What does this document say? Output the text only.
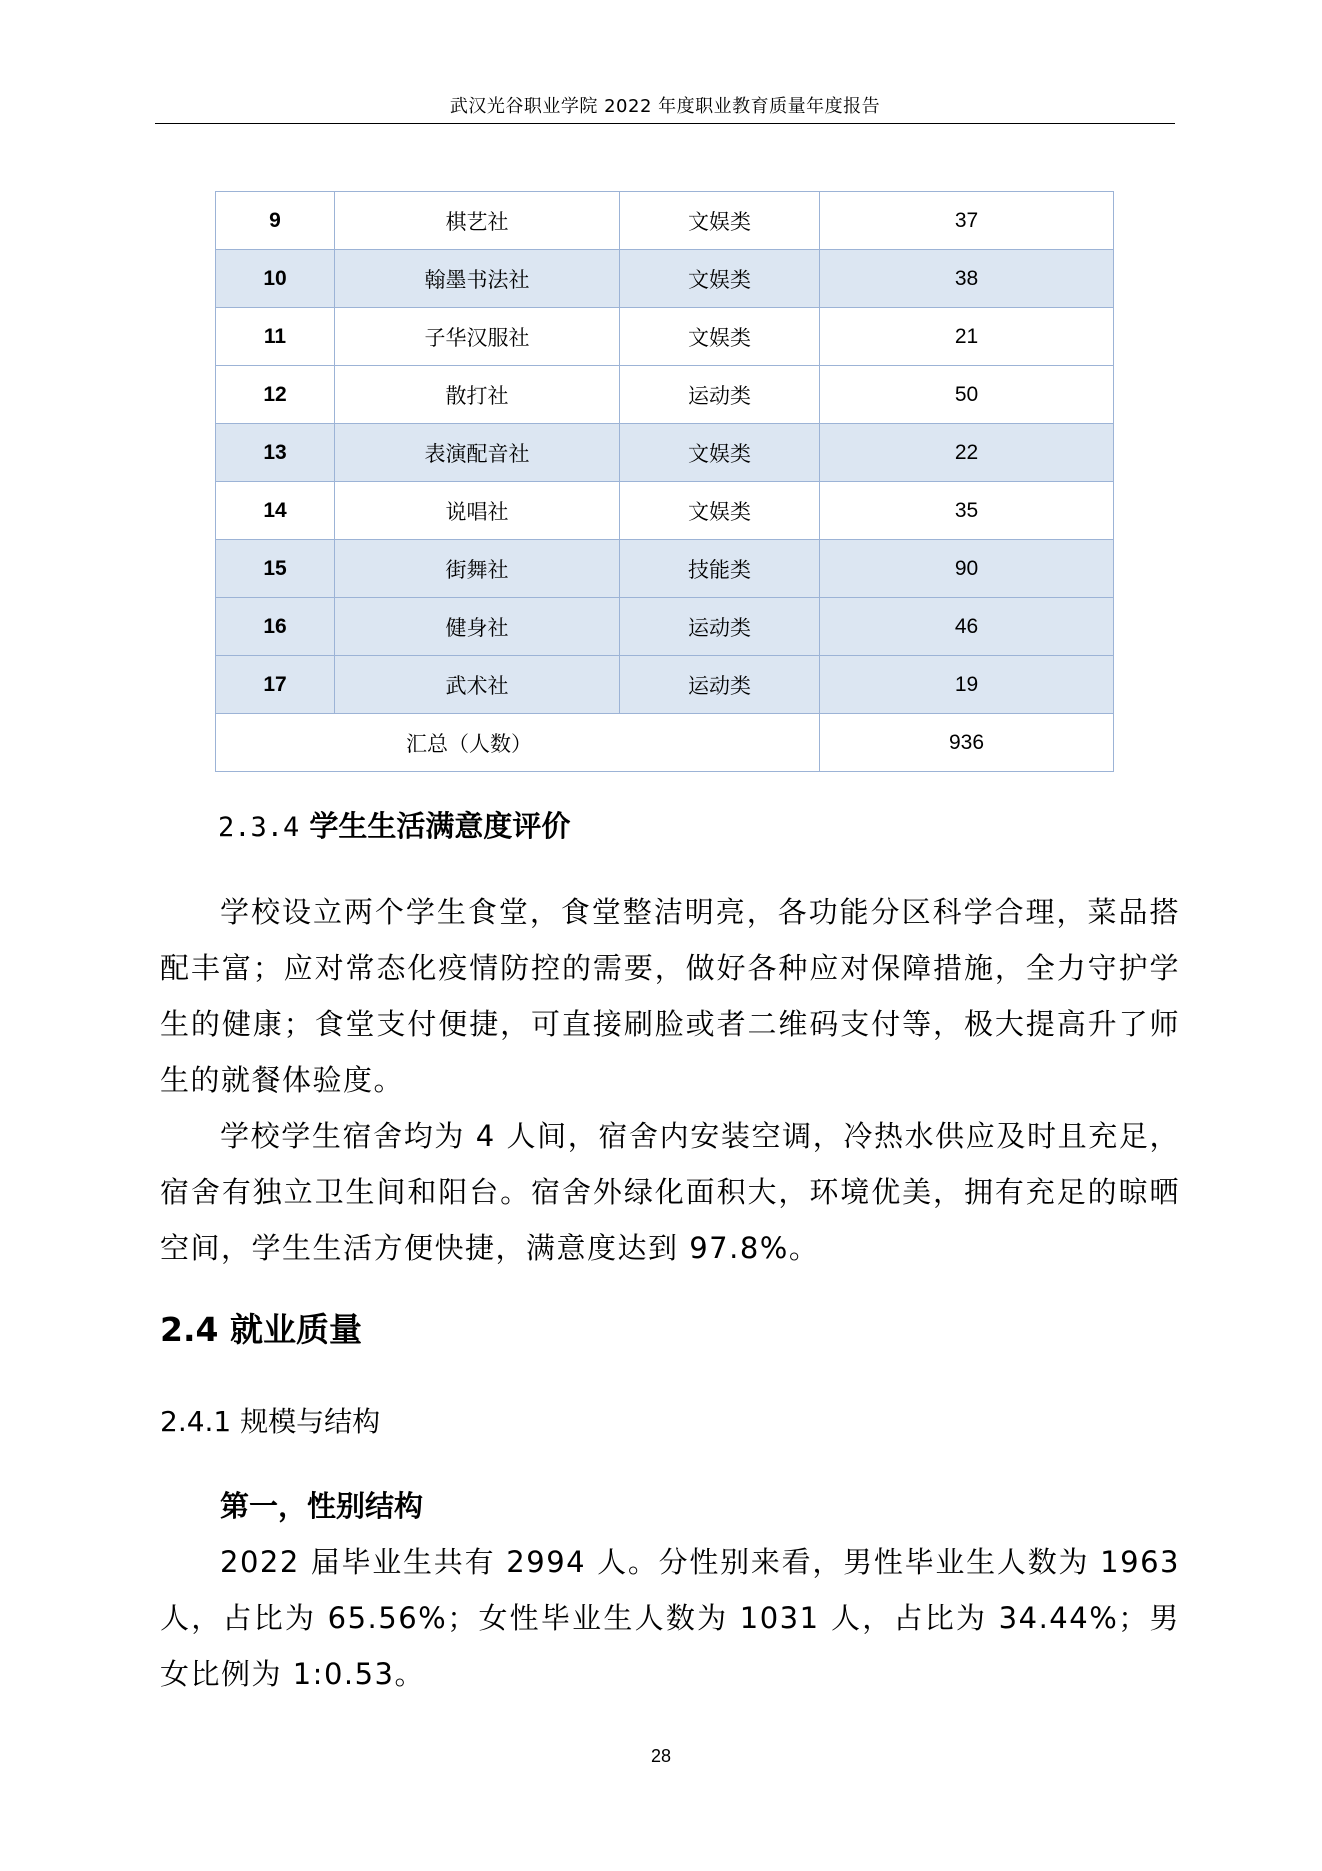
武汉光谷职业学院 2022 年度职业教育质量年度报告
9	棋艺社	文娱类	37
10	翰墨书法社	文娱类	38
11	子华汉服社	文娱类	21
12	散打社	运动类	50
13	表演配音社	文娱类	22
14	说唱社	文娱类	35
15	街舞社	技能类	90
16	健身社	运动类	46
17	武术社	运动类	19
汇总（人数）			936
2.3.4 学生生活满意度评价

学校设立两个学生食堂，食堂整洁明亮，各功能分区科学合理，菜品搭配丰富；应对常态化疫情防控的需要，做好各种应对保障措施，全力守护学生的健康；食堂支付便捷，可直接刷脸或者二维码支付等，极大提高升了师生的就餐体验度。

学校学生宿舍均为 4 人间，宿舍内安装空调，冷热水供应及时且充足，宿舍有独立卫生间和阳台。宿舍外绿化面积大，环境优美，拥有充足的晾晒空间，学生生活方便快捷，满意度达到 97.8%。

2.4 就业质量
2.4.1 规模与结构
第一，性别结构

2022 届毕业生共有 2994 人。分性别来看，男性毕业生人数为 1963 人，占比为 65.56%；女性毕业生人数为 1031 人，占比为 34.44%；男女比例为 1:0.53。

28
